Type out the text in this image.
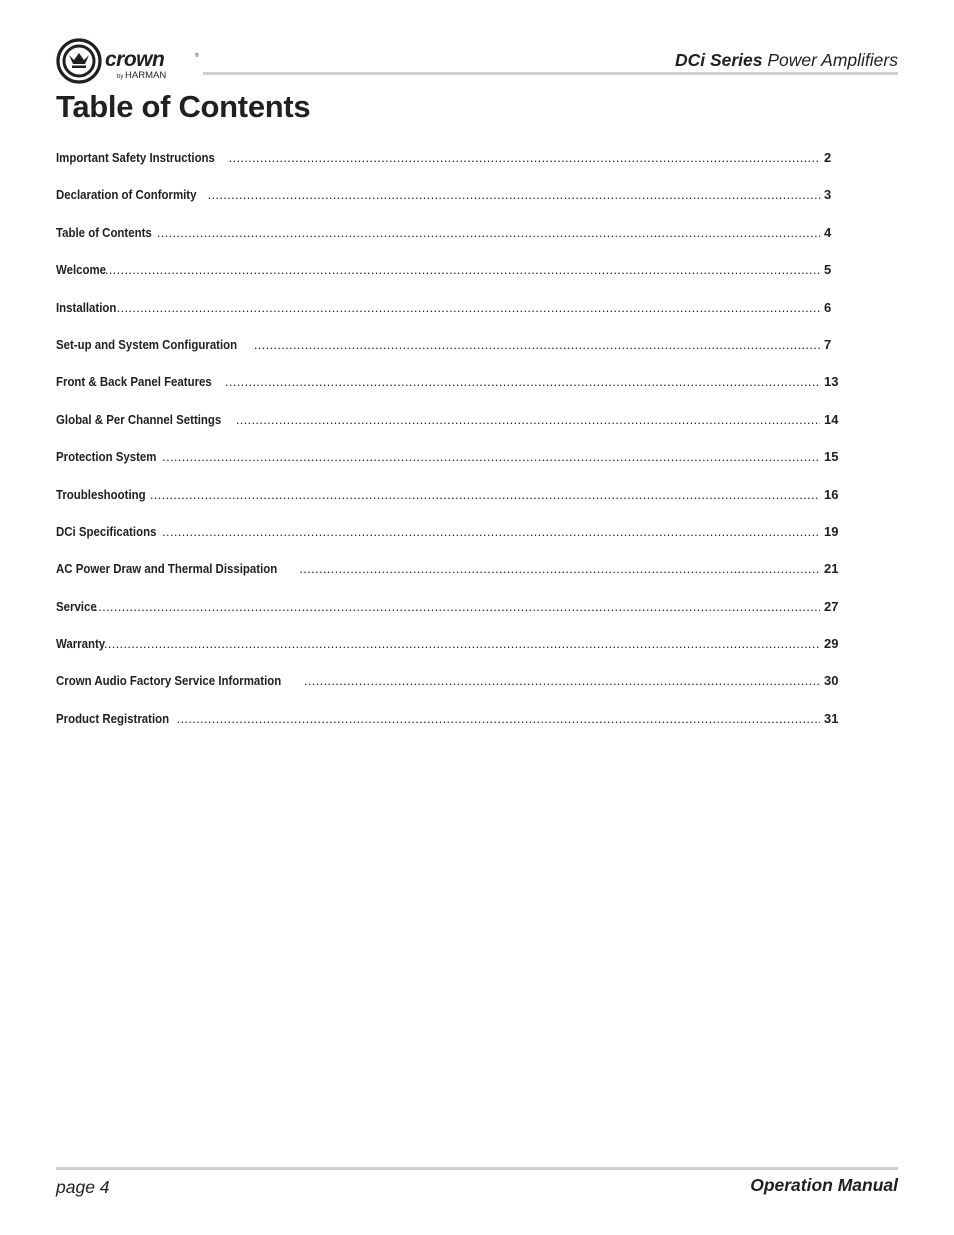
crown	®
by HARMAN
DCi Series Power Amplifiers
Table of Contents
Important Safety Instructions .....	2
Declaration of Conformity .....	3
Table of Contents .....	4
Welcome .....	5
Installation .....	6
Set-up and System Configuration .....	7
Front & Back Panel Features .....	13
Global & Per Channel Settings .....	14
Protection System .....	15
Troubleshooting .....	16
DCi Specifications .....	19
AC Power Draw and Thermal Dissipation .....	21
Service .....	27
Warranty .....	29
Crown Audio Factory Service Information .....	30
Product Registration .....	31
page 4	Operation Manual
